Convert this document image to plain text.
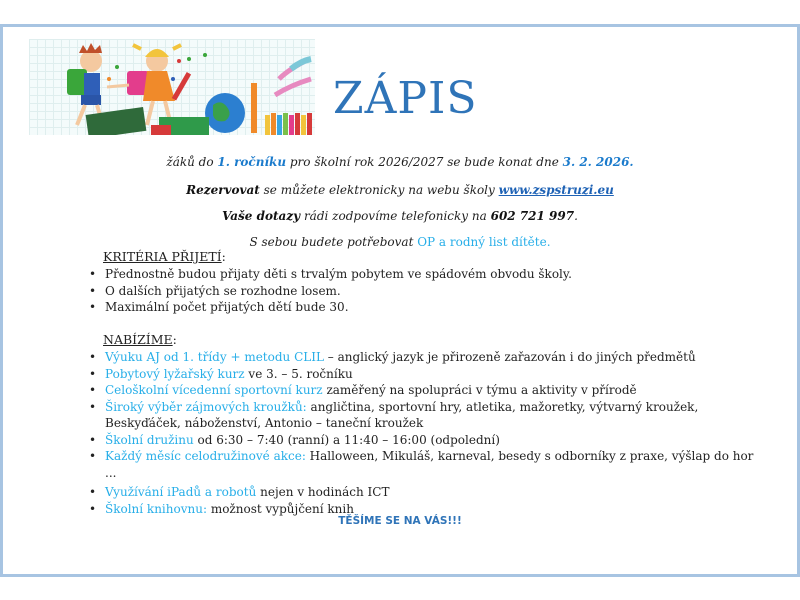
ZÁPIS
žáků do 1. ročníku pro školní rok 2026/2027 se bude konat dne 3. 2. 2026.
Rezervovat se můžete elektronicky na webu školy www.zspstruzi.eu
Vaše dotazy rádi zodpovíme telefonicky na 602 721 997.
S sebou budete potřebovat OP a rodný list dítěte.
KRITÉRIA PŘIJETÍ:
• Přednostně budou přijaty děti s trvalým pobytem ve spádovém obvodu školy.
• O dalších přijatých se rozhodne losem.
• Maximální počet přijatých dětí bude 30.
NABÍZÍME:
• Výuku AJ od 1. třídy + metodu CLIL – anglický jazyk je přirozeně zařazován i do jiných předmětů
• Pobytový lyžařský kurz ve 3. – 5. ročníku
• Celoškolní vícedenní sportovní kurz zaměřený na spolupráci v týmu a aktivity v přírodě
• Široký výběr zájmových kroužků: angličtina, sportovní hry, atletika, mažoretky, výtvarný kroužek, Beskyďáček, náboženství, Antonio – taneční kroužek
• Školní družinu od 6:30 – 7:40 (ranní) a 11:40 – 16:00 (odpolední)
• Každý měsíc celodružinové akce: Halloween, Mikuláš, karneval, besedy s odborníky z praxe, výšlap do hor ...
• Využívání iPadů a robotů nejen v hodinách ICT
• Školní knihovnu: možnost vypůjčení knih
TĚŠÍME SE NA VÁS!!!
